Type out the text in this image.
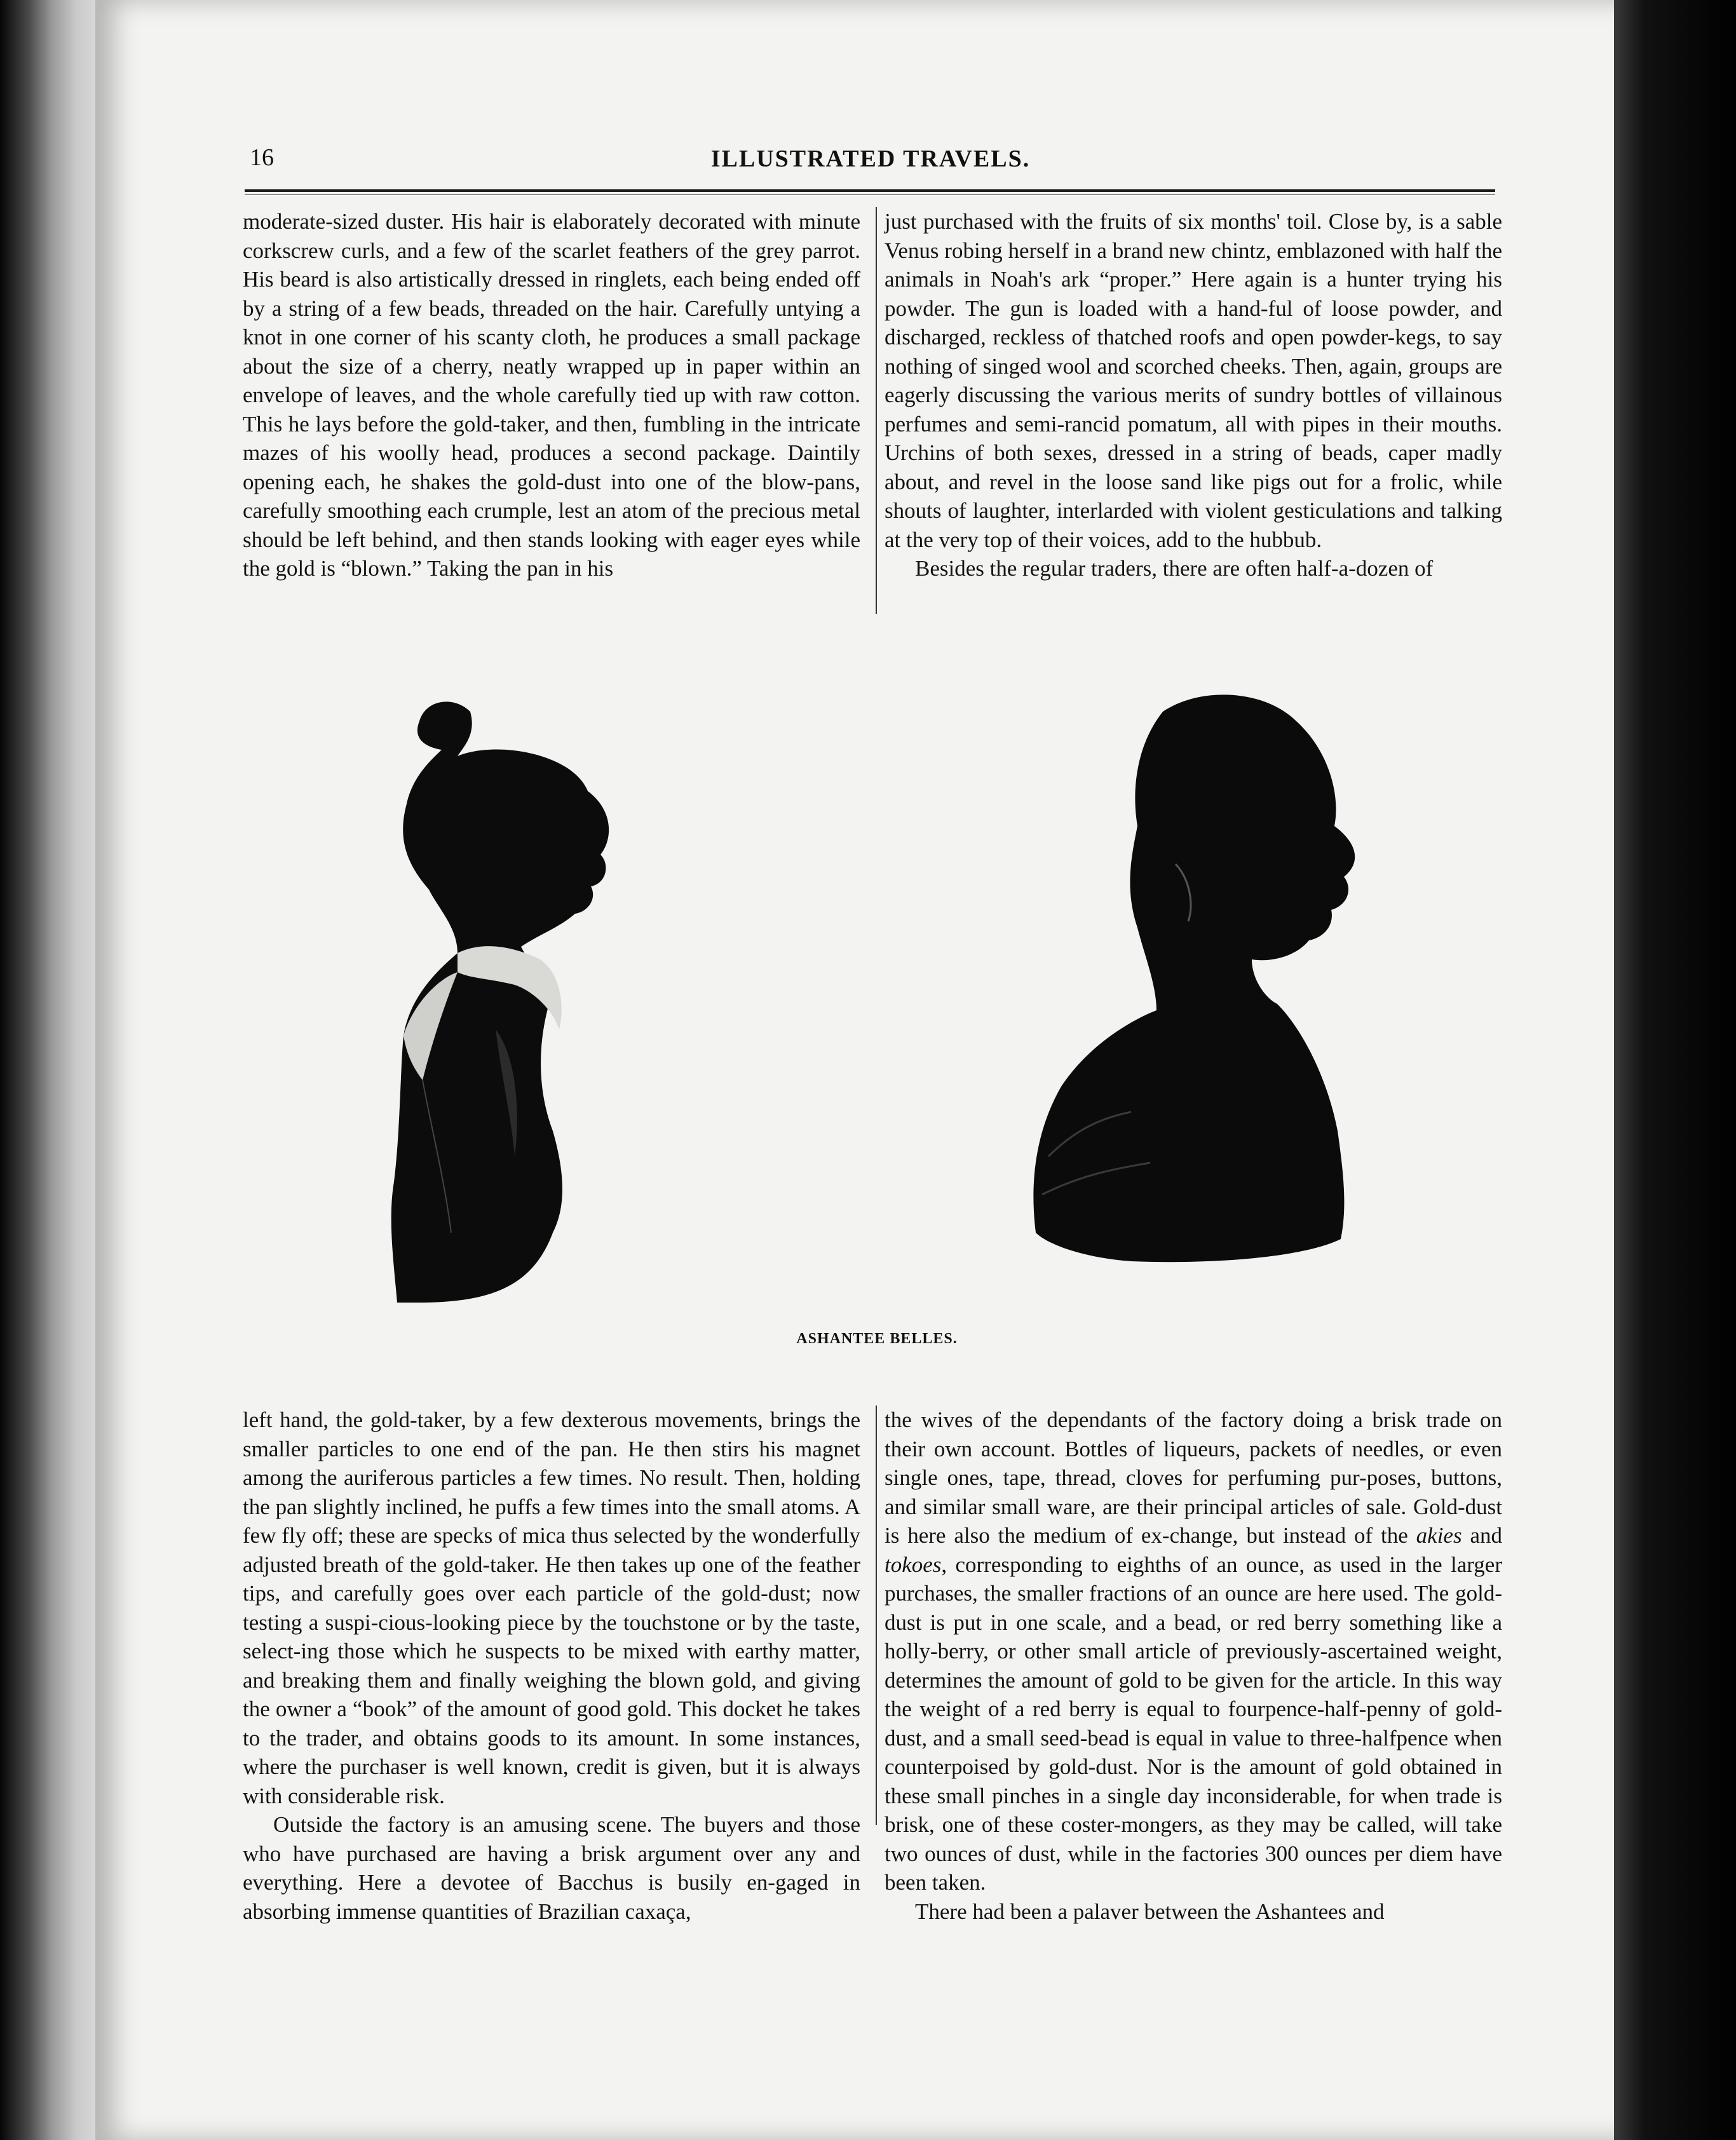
16	ILLUSTRATED TRAVELS.

moderate-sized duster. His hair is elaborately decorated with minute corkscrew curls, and a few of the scarlet feathers of the grey parrot. His beard is also artistically dressed in ringlets, each being ended off by a string of a few beads, threaded on the hair. Carefully untying a knot in one corner of his scanty cloth, he produces a small package about the size of a cherry, neatly wrapped up in paper within an envelope of leaves, and the whole carefully tied up with raw cotton. This he lays before the gold-taker, and then, fumbling in the intricate mazes of his woolly head, produces a second package. Daintily opening each, he shakes the gold-dust into one of the blow-pans, carefully smoothing each crumple, lest an atom of the precious metal should be left behind, and then stands looking with eager eyes while the gold is “blown.” Taking the pan in his

just purchased with the fruits of six months' toil. Close by, is a sable Venus robing herself in a brand new chintz, emblazoned with half the animals in Noah's ark “proper.” Here again is a hunter trying his powder. The gun is loaded with a hand-ful of loose powder, and discharged, reckless of thatched roofs and open powder-kegs, to say nothing of singed wool and scorched cheeks. Then, again, groups are eagerly discussing the various merits of sundry bottles of villainous perfumes and semi-rancid pomatum, all with pipes in their mouths. Urchins of both sexes, dressed in a string of beads, caper madly about, and revel in the loose sand like pigs out for a frolic, while shouts of laughter, interlarded with violent gesticulations and talking at the very top of their voices, add to the hubbub.

Besides the regular traders, there are often half-a-dozen of

ASHANTEE BELLES.

left hand, the gold-taker, by a few dexterous movements, brings the smaller particles to one end of the pan. He then stirs his magnet among the auriferous particles a few times. No result. Then, holding the pan slightly inclined, he puffs a few times into the small atoms. A few fly off; these are specks of mica thus selected by the wonderfully adjusted breath of the gold-taker. He then takes up one of the feather tips, and carefully goes over each particle of the gold-dust; now testing a suspi-cious-looking piece by the touchstone or by the taste, select-ing those which he suspects to be mixed with earthy matter, and breaking them and finally weighing the blown gold, and giving the owner a “book” of the amount of good gold. This docket he takes to the trader, and obtains goods to its amount. In some instances, where the purchaser is well known, credit is given, but it is always with considerable risk.

Outside the factory is an amusing scene. The buyers and those who have purchased are having a brisk argument over any and everything. Here a devotee of Bacchus is busily en-gaged in absorbing immense quantities of Brazilian caxaça,

the wives of the dependants of the factory doing a brisk trade on their own account. Bottles of liqueurs, packets of needles, or even single ones, tape, thread, cloves for perfuming pur-poses, buttons, and similar small ware, are their principal articles of sale. Gold-dust is here also the medium of ex-change, but instead of the akies and tokoes, corresponding to eighths of an ounce, as used in the larger purchases, the smaller fractions of an ounce are here used. The gold-dust is put in one scale, and a bead, or red berry something like a holly-berry, or other small article of previously-ascertained weight, determines the amount of gold to be given for the article. In this way the weight of a red berry is equal to fourpence-half-penny of gold-dust, and a small seed-bead is equal in value to three-halfpence when counterpoised by gold-dust. Nor is the amount of gold obtained in these small pinches in a single day inconsiderable, for when trade is brisk, one of these coster-mongers, as they may be called, will take two ounces of dust, while in the factories 300 ounces per diem have been taken.

There had been a palaver between the Ashantees and
